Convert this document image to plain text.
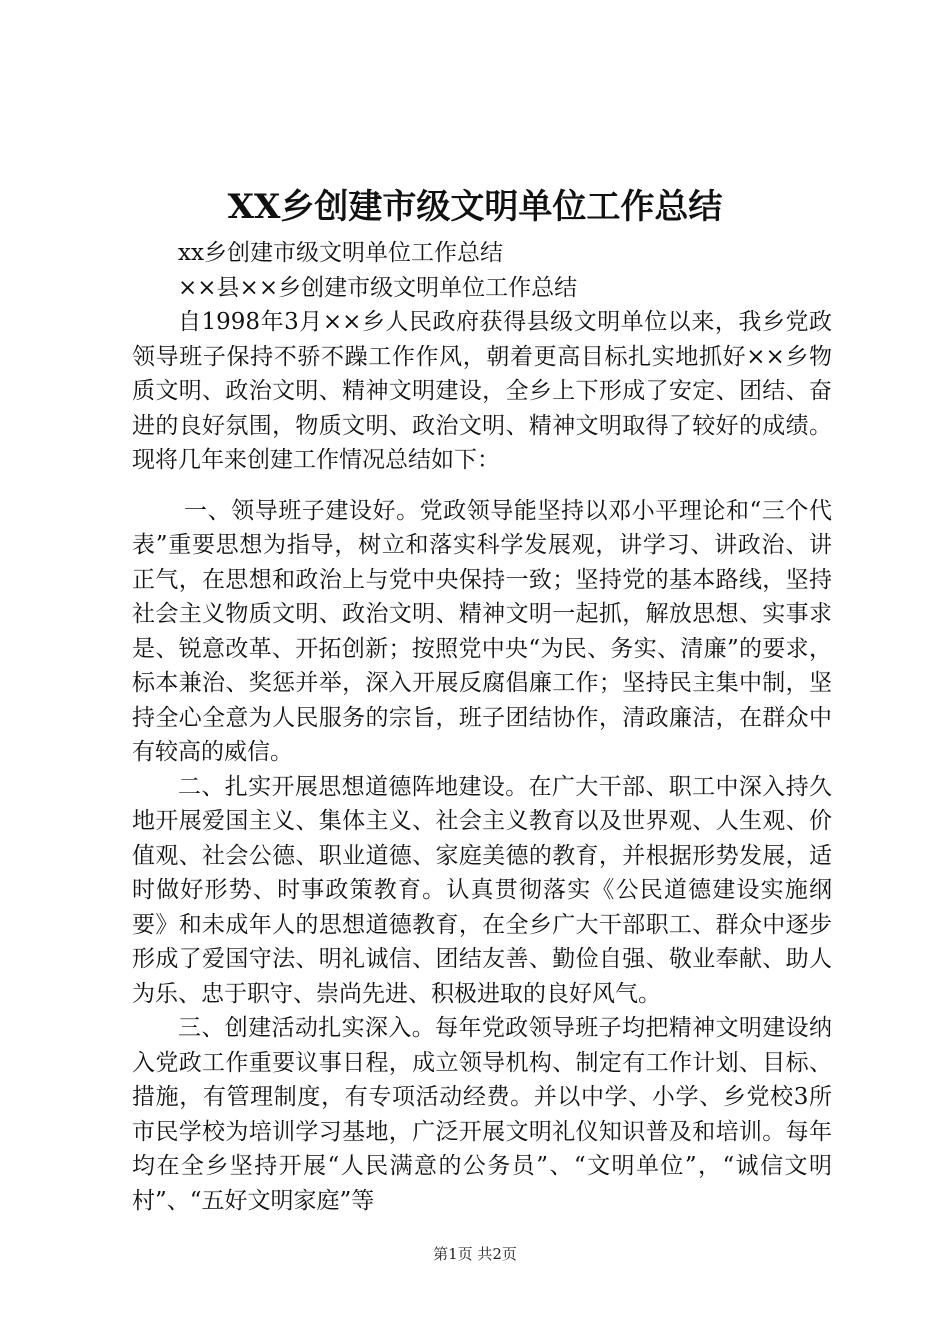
XX乡创建市级文明单位工作总结

xx乡创建市级文明单位工作总结

××县××乡创建市级文明单位工作总结

自1998年3月××乡人民政府获得县级文明单位以来，我乡党政领导班子保持不骄不躁工作作风，朝着更高目标扎实地抓好××乡物质文明、政治文明、精神文明建设，全乡上下形成了安定、团结、奋进的良好氛围，物质文明、政治文明、精神文明取得了较好的成绩。现将几年来创建工作情况总结如下：

一、领导班子建设好。党政领导能坚持以邓小平理论和“三个代表”重要思想为指导，树立和落实科学发展观，讲学习、讲政治、讲正气，在思想和政治上与党中央保持一致；坚持党的基本路线，坚持社会主义物质文明、政治文明、精神文明一起抓，解放思想、实事求是、锐意改革、开拓创新；按照党中央“为民、务实、清廉”的要求，标本兼治、奖惩并举，深入开展反腐倡廉工作；坚持民主集中制，坚持全心全意为人民服务的宗旨，班子团结协作，清政廉洁，在群众中有较高的威信。

二、扎实开展思想道德阵地建设。在广大干部、职工中深入持久地开展爱国主义、集体主义、社会主义教育以及世界观、人生观、价值观、社会公德、职业道德、家庭美德的教育，并根据形势发展，适时做好形势、时事政策教育。认真贯彻落实《公民道德建设实施纲要》和未成年人的思想道德教育，在全乡广大干部职工、群众中逐步形成了爱国守法、明礼诚信、团结友善、勤俭自强、敬业奉献、助人为乐、忠于职守、崇尚先进、积极进取的良好风气。

三、创建活动扎实深入。每年党政领导班子均把精神文明建设纳入党政工作重要议事日程，成立领导机构、制定有工作计划、目标、措施，有管理制度，有专项活动经费。并以中学、小学、乡党校3所市民学校为培训学习基地，广泛开展文明礼仪知识普及和培训。每年均在全乡坚持开展“人民满意的公务员”、“文明单位”，“诚信文明村”、“五好文明家庭”等

第1页 共2页
